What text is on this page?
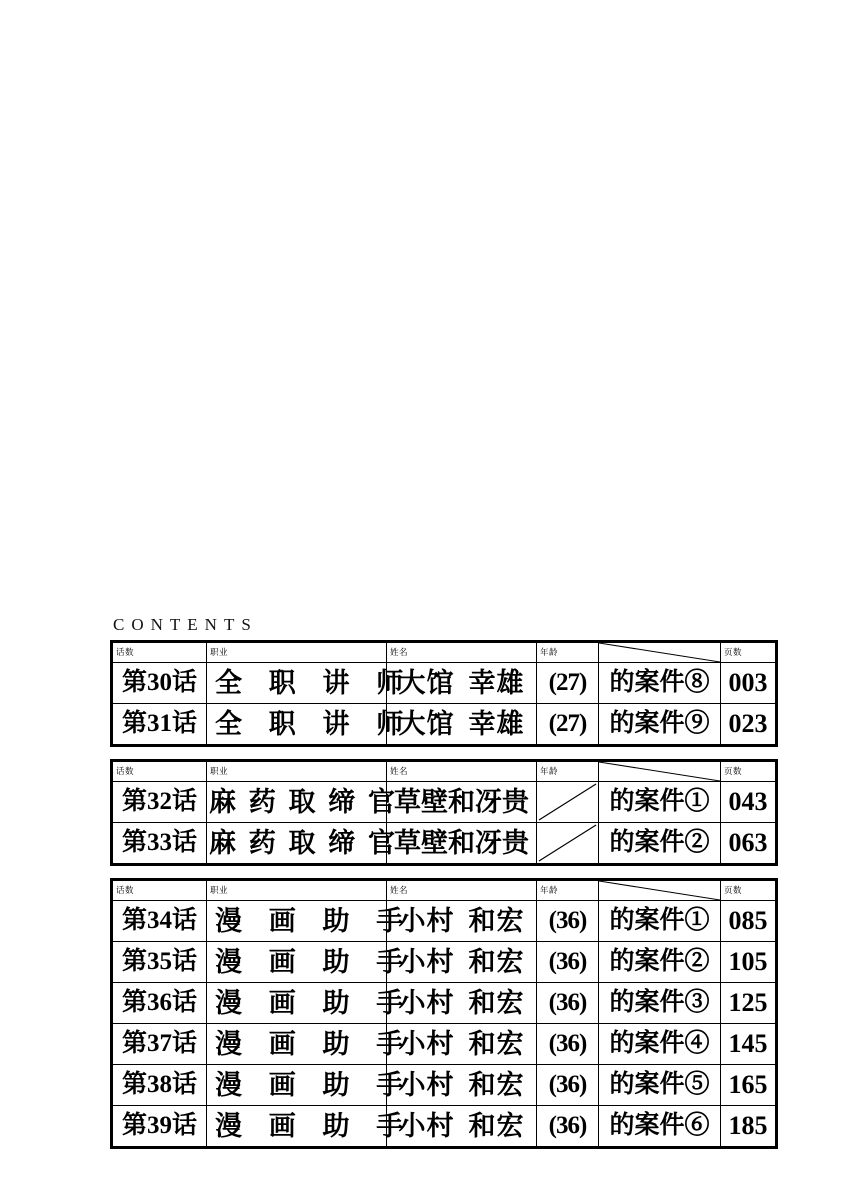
CONTENTS
话数	职业	姓名	年龄		页数
第30话	全 职 讲 师	大馆 幸雄	(27)	的案件⑧	003
第31话	全 职 讲 师	大馆 幸雄	(27)	的案件⑨	023
话数	职业	姓名	年龄		页数
第32话	麻 药 取 缔 官	草壁和冴贵		的案件①	043
第33话	麻 药 取 缔 官	草壁和冴贵		的案件②	063
话数	职业	姓名	年龄		页数
第34话	漫 画 助 手	小村 和宏	(36)	的案件①	085
第35话	漫 画 助 手	小村 和宏	(36)	的案件②	105
第36话	漫 画 助 手	小村 和宏	(36)	的案件③	125
第37话	漫 画 助 手	小村 和宏	(36)	的案件④	145
第38话	漫 画 助 手	小村 和宏	(36)	的案件⑤	165
第39话	漫 画 助 手	小村 和宏	(36)	的案件⑥	185
